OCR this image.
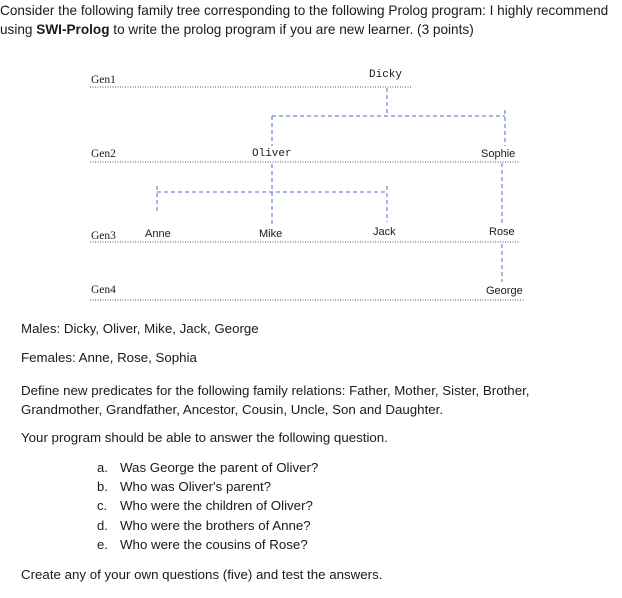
Consider the following family tree corresponding to the following Prolog program: I highly recommend using SWI-Prolog to write the prolog program if you are new learner. (3 points)
Gen1
Gen2
Gen3
Gen4
Dicky
Oliver	Sophie
Anne	Mike	Jack	Rose
George
Males: Dicky, Oliver, Mike, Jack, George
Females: Anne, Rose, Sophia
Define new predicates for the following family relations: Father, Mother, Sister, Brother, Grandmother, Grandfather, Ancestor, Cousin, Uncle, Son and Daughter.
Your program should be able to answer the following question.
a. Was George the parent of Oliver?
b. Who was Oliver's parent?
c. Who were the children of Oliver?
d. Who were the brothers of Anne?
e. Who were the cousins of Rose?
Create any of your own questions (five) and test the answers.
